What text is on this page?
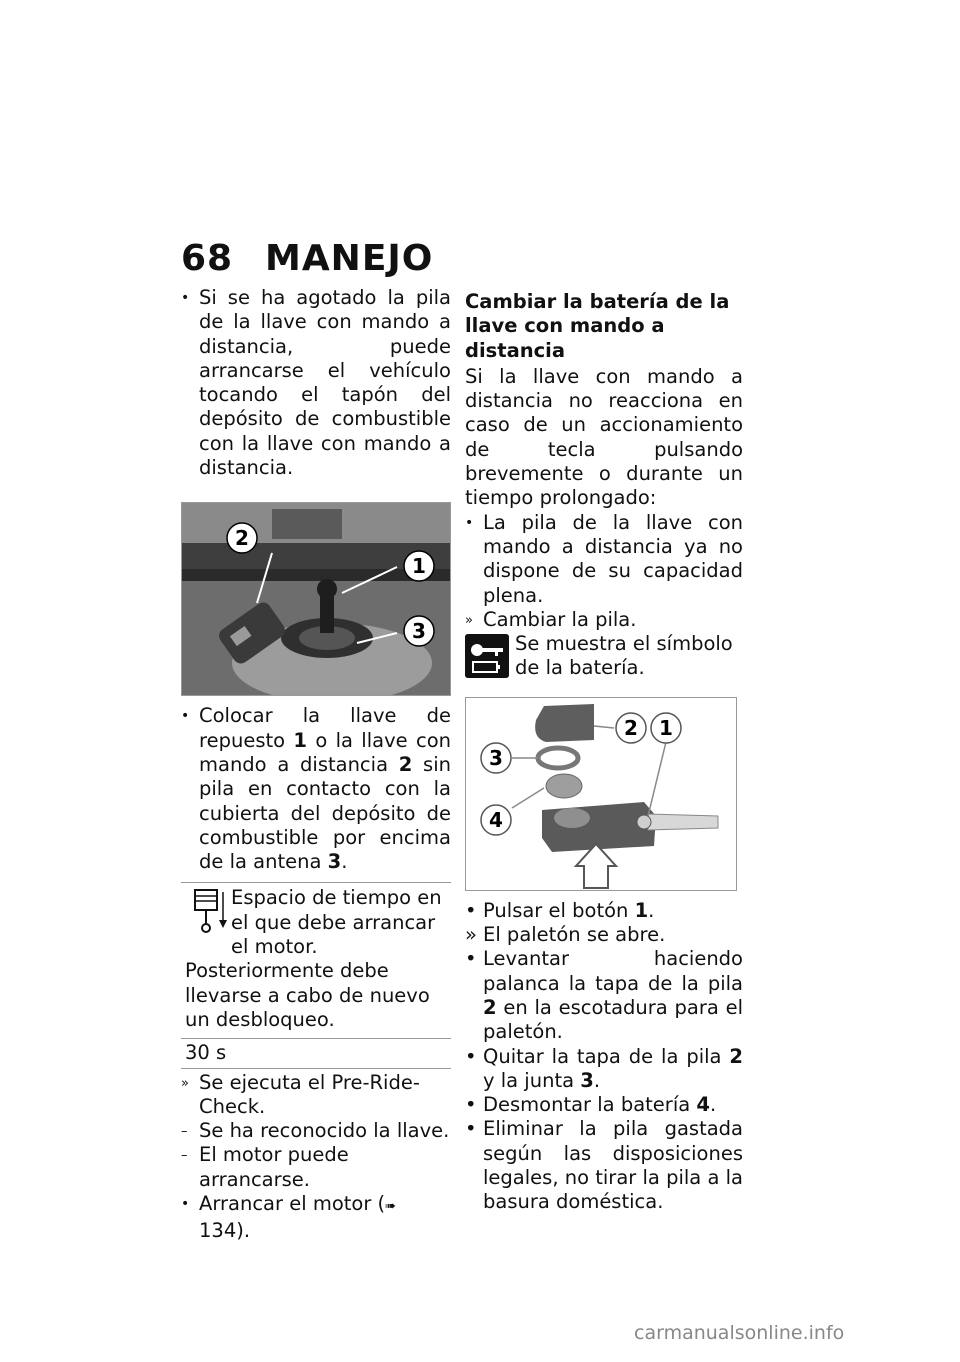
68 MANEJO
• Si se ha agotado la pila de la llave con mando a distancia, puede arrancarse el vehículo tocando el tapón del depósito de combustible con la llave con mando a distancia.
2
1
3
• Colocar la llave de repuesto 1 o la llave con mando a distancia 2 sin pila en contacto con la cubierta del depósito de combustible por encima de la antena 3.
Espacio de tiempo en el que debe arrancar el motor. Posteriormente debe llevarse a cabo de nuevo un desbloqueo.
30 s
» Se ejecuta el Pre-Ride-Check.
– Se ha reconocido la llave.
– El motor puede arrancarse.
• Arrancar el motor (➠ 134).
Cambiar la batería de la llave con mando a distancia
Si la llave con mando a distancia no reacciona en caso de un accionamiento de tecla pulsando brevemente o durante un tiempo prolongado:
• La pila de la llave con mando a distancia ya no dispone de su capacidad plena.
» Cambiar la pila.
Se muestra el símbolo de la batería.
2 1
3
4
• Pulsar el botón 1.
» El paletón se abre.
• Levantar haciendo palanca la tapa de la pila 2 en la escotadura para el paletón.
• Quitar la tapa de la pila 2 y la junta 3.
• Desmontar la batería 4.
• Eliminar la pila gastada según las disposiciones legales, no tirar la pila a la basura doméstica.
carmanualsonline.info
